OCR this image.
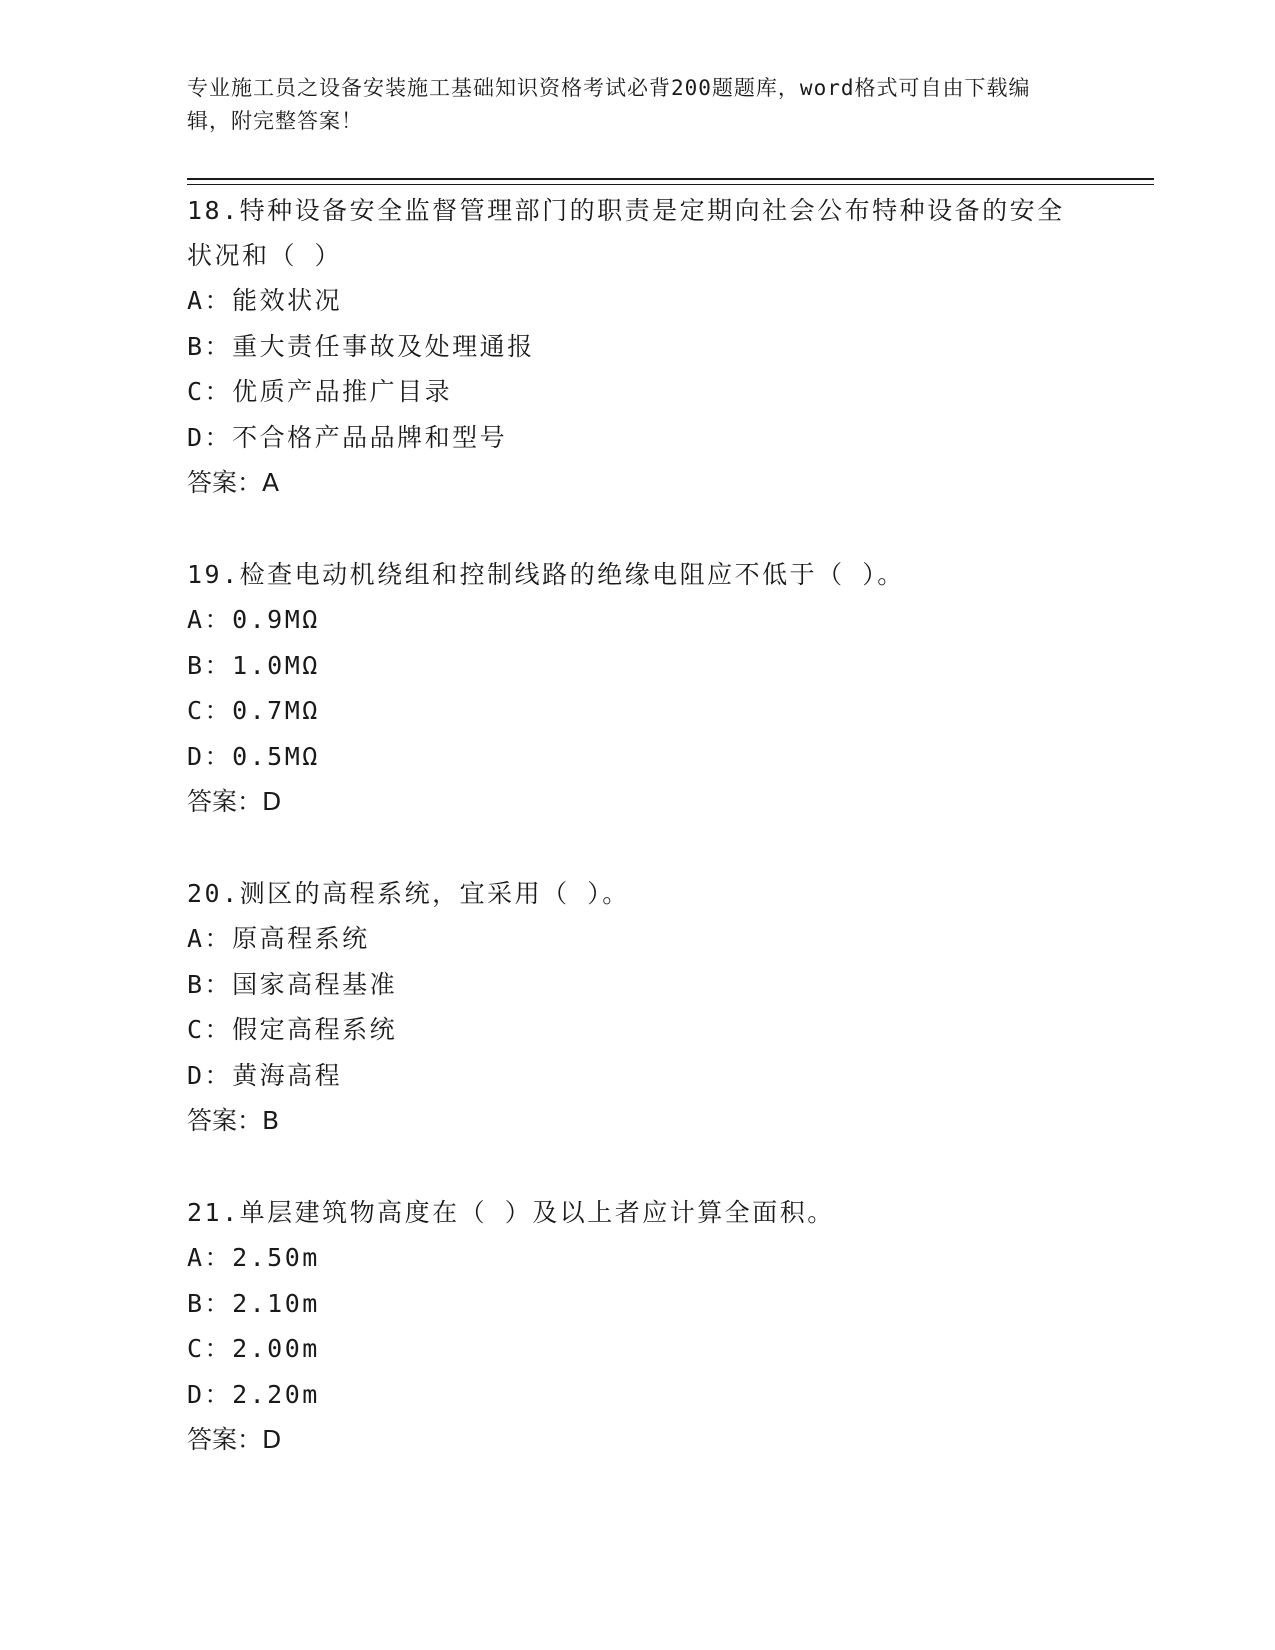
专业施工员之设备安装施工基础知识资格考试必背200题题库，word格式可自由下载编辑，附完整答案！
18.特种设备安全监督管理部门的职责是定期向社会公布特种设备的安全状况和（ ）
A：能效状况
B：重大责任事故及处理通报
C：优质产品推广目录
D：不合格产品品牌和型号
答案：A
19.检查电动机绕组和控制线路的绝缘电阻应不低于（ ）。
A：0.9MΩ
B：1.0MΩ
C：0.7MΩ
D：0.5MΩ
答案：D
20.测区的高程系统，宜采用（ ）。
A：原高程系统
B：国家高程基准
C：假定高程系统
D：黄海高程
答案：B
21.单层建筑物高度在（ ）及以上者应计算全面积。
A：2.50m
B：2.10m
C：2.00m
D：2.20m
答案：D
